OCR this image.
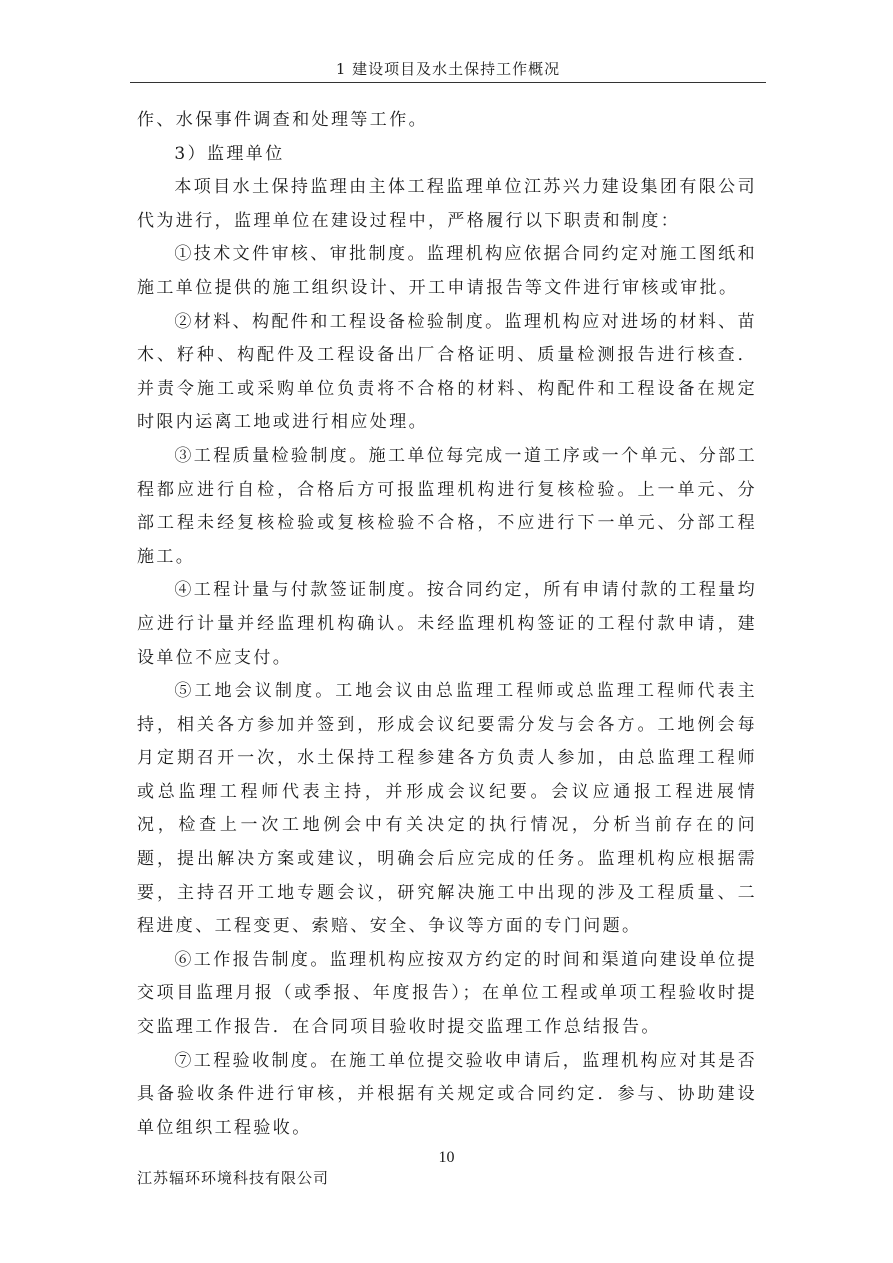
1 建设项目及水土保持工作概况

作、水保事件调查和处理等工作。

3）监理单位

本项目水土保持监理由主体工程监理单位江苏兴力建设集团有限公司代为进行，监理单位在建设过程中，严格履行以下职责和制度：

①技术文件审核、审批制度。监理机构应依据合同约定对施工图纸和施工单位提供的施工组织设计、开工申请报告等文件进行审核或审批。

②材料、构配件和工程设备检验制度。监理机构应对进场的材料、苗木、籽种、构配件及工程设备出厂合格证明、质量检测报告进行核查．并责令施工或采购单位负责将不合格的材料、构配件和工程设备在规定时限内运离工地或进行相应处理。

③工程质量检验制度。施工单位每完成一道工序或一个单元、分部工程都应进行自检，合格后方可报监理机构进行复核检验。上一单元、分部工程未经复核检验或复核检验不合格，不应进行下一单元、分部工程施工。

④工程计量与付款签证制度。按合同约定，所有申请付款的工程量均应进行计量并经监理机构确认。未经监理机构签证的工程付款申请，建设单位不应支付。

⑤工地会议制度。工地会议由总监理工程师或总监理工程师代表主持，相关各方参加并签到，形成会议纪要需分发与会各方。工地例会每月定期召开一次，水土保持工程参建各方负责人参加，由总监理工程师或总监理工程师代表主持，并形成会议纪要。会议应通报工程进展情况，检查上一次工地例会中有关决定的执行情况，分析当前存在的问题，提出解决方案或建议，明确会后应完成的任务。监理机构应根据需要，主持召开工地专题会议，研究解决施工中出现的涉及工程质量、二程进度、工程变更、索赔、安全、争议等方面的专门问题。

⑥工作报告制度。监理机构应按双方约定的时间和渠道向建设单位提交项目监理月报（或季报、年度报告）；在单位工程或单项工程验收时提交监理工作报告．在合同项目验收时提交监理工作总结报告。

⑦工程验收制度。在施工单位提交验收申请后，监理机构应对其是否具备验收条件进行审核，并根据有关规定或合同约定．参与、协助建设单位组织工程验收。

10
江苏辐环环境科技有限公司
